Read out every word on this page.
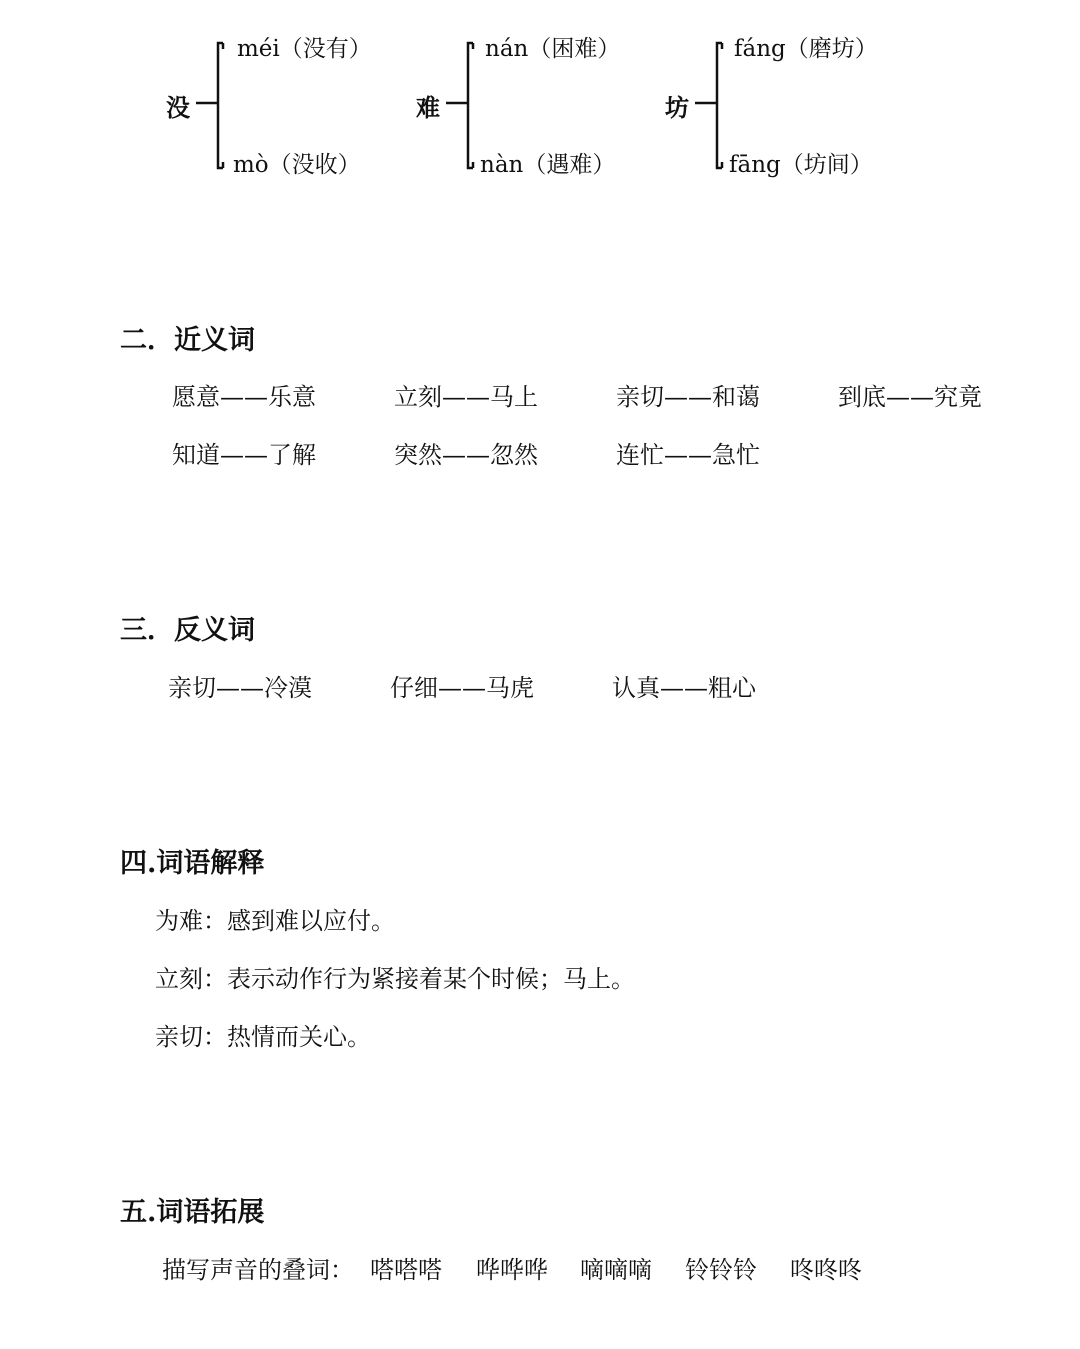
没
méi（没有）
mò（没收）
难
nán（困难）
nàn（遇难）
坊
fáng（磨坊）
fāng（坊间）
二．近义词
愿意——乐意	立刻——马上	亲切——和蔼	到底——究竟
知道——了解	突然——忽然	连忙——急忙
三．反义词
亲切——冷漠	仔细——马虎	认真——粗心
四.词语解释
为难：感到难以应付。
立刻：表示动作行为紧接着某个时候；马上。
亲切：热情而关心。
五.词语拓展
描写声音的叠词： 嗒嗒嗒 哗哗哗 嘀嘀嘀 铃铃铃 咚咚咚
